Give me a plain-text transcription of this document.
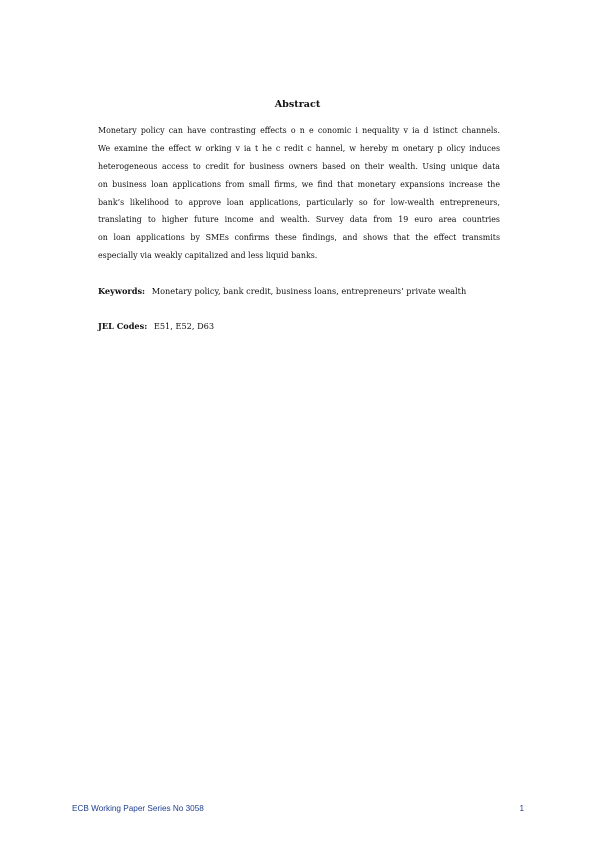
Abstract
Monetary policy can have contrasting effects o n e conomic i nequality v ia d istinct channels.
We examine the effect w orking v ia t he c redit c hannel, w hereby m onetary p olicy induces
heterogeneous access to credit for business owners based on their wealth. Using unique data
on business loan applications from small firms, we find that monetary expansions increase the
bank’s likelihood to approve loan applications, particularly so for low-wealth entrepreneurs,
translating to higher future income and wealth. Survey data from 19 euro area countries
on loan applications by SMEs confirms these findings, and shows that the effect transmits
especially via weakly capitalized and less liquid banks.
Keywords: Monetary policy, bank credit, business loans, entrepreneurs’ private wealth
JEL Codes: E51, E52, D63
ECB Working Paper Series No 3058	1
